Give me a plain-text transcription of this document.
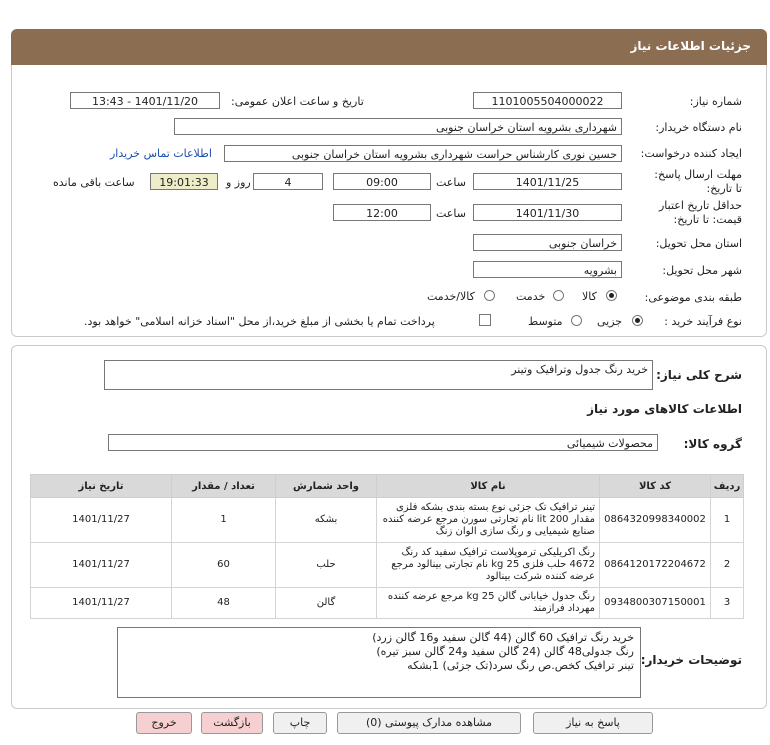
جزئیات اطلاعات نیاز
شماره نیاز:
1101005504000022
تاریخ و ساعت اعلان عمومی:
1401/11/20 - 13:43
نام دستگاه خریدار:
شهرداری بشرویه استان خراسان جنوبی
ایجاد کننده درخواست:
حسین نوری کارشناس حراست شهرداری بشرویه استان خراسان جنوبی
اطلاعات تماس خریدار
مهلت ارسال پاسخ: تا تاریخ:
1401/11/25
ساعت
09:00
4
روز و
19:01:33
ساعت باقی مانده
حداقل تاریخ اعتبار قیمت: تا تاریخ:
1401/11/30
ساعت
12:00
استان محل تحویل:
خراسان جنوبی
شهر محل تحویل:
بشرویه
طبقه بندی موضوعی:
کالا
خدمت
کالا/خدمت
نوع فرآیند خرید :
جزیی
متوسط
پرداخت تمام یا بخشی از مبلغ خرید،از محل "اسناد خزانه اسلامی" خواهد بود.
شرح کلی نیاز:
خرید رنگ جدول وترافیک وتینر
اطلاعات کالاهای مورد نیاز
گروه کالا:
محصولات شیمیائی
ردیف	کد کالا	نام کالا	واحد شمارش	تعداد / مقدار	تاریخ نیاز
1	0864320998340002	تینر ترافیک تک جزئی نوع بسته بندی بشکه فلزی مقدار 200 lit نام تجارتی سورن مرجع عرضه کننده صنایع شیمیایی و رنگ سازی الوان زنگ	بشکه	1	1401/11/27
2	0864120172204672	رنگ اکریلیکی ترموپلاست ترافیک سفید کد رنگ 4672 حلب فلزی 25 kg نام تجارتی بینالود مرجع عرضه کننده شرکت بینالود	حلب	60	1401/11/27
3	0934800307150001	رنگ جدول خیابانی گالن 25 kg مرجع عرضه کننده مهرداد فرازمند	گالن	48	1401/11/27
توضیحات خریدار:
خرید رنگ ترافیک 60 گالن (44 گالن سفید و16 گالن زرد)
رنگ جدولی48 گالن (24 گالن سفید و24 گالن سبز تیره)
تینر ترافیک کخص.ص رنگ سرد(تک جزئی) 1بشکه
پاسخ به نیاز
مشاهده مدارک پیوستی (0)
چاپ
بازگشت
خروج
